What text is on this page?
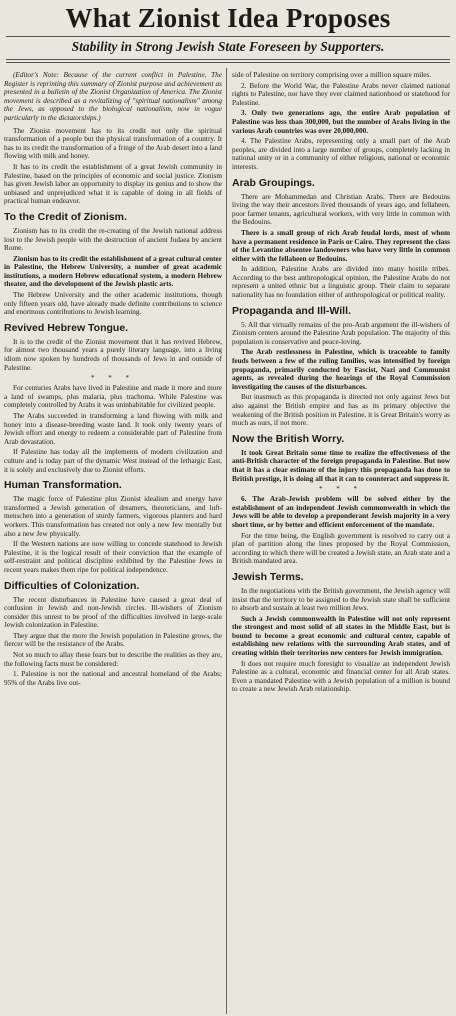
What Zionist Idea Proposes
Stability in Strong Jewish State Foreseen by Supporters.

(Editor's Note: Because of the current conflict in Palestine, The Register is reprinting this summary of Zionist purpose and achievement as presented in a bulletin of the Zionist Organization of America. The Zionist movement is described as a revitalizing of "spiritual nationalism" among the Jews, as opposed to the biological nationalism, now in vogue particularly in the dictatorships.)

The Zionist movement has to its credit not only the spiritual transformation of a people but the physical transformation of a country. It has to its credit the transformation of a fringe of the Arab desert into a land flowing with milk and honey.

It has to its credit the establishment of a great Jewish community in Palestine, based on the principles of economic and social justice. Zionism has given Jewish labor an opportunity to display its genius and to show the unbiased and unprejudiced what it is capable of doing in all fields of practical human endeavor.

To the Credit of Zionism.

Zionism has to its credit the re-creating of the Jewish national address lost to the Jewish people with the destruction of ancient Judaea by ancient Rome.

Zionism has to its credit the establishment of a great cultural center in Palestine, the Hebrew University, a number of great academic institutions, a modern Hebrew educational system, a modern Hebrew theater, and the development of the Jewish plastic arts.

The Hebrew University and the other academic institutions, though only fifteen years old, have already made definite contributions to science and enormous contributions to Jewish learning.

Revived Hebrew Tongue.

It is to the credit of the Zionist movement that it has revived Hebrew, for almost two thousand years a purely literary language, into a living idiom now spoken by hundreds of thousands of Jews in and outside of Palestine.

* * *

For centuries Arabs have lived in Palestine and made it more and more a land of swamps, plus malaria, plus trachoma. While Palestine was completely controlled by Arabs it was uninhabitable for civilized people.

The Arabs succeeded in transforming a land flowing with milk and honey into a disease-breeding waste land. It took only twenty years of Jewish effort and energy to redeem a considerable part of Palestine from Arab devastation.

If Palestine has today all the implements of modern civilization and culture and is today part of the dynamic West instead of the lethargic East, it is solely and exclusively due to Zionist efforts.

Human Transformation.

The magic force of Palestine plus Zionist idealism and energy have transformed a Jewish generation of dreamers, theoreticians, and luft-menschen into a generation of sturdy farmers, vigorous planters and hard workers. This transformation has created not only a new Jew mentally but also a new Jew physically.

If the Western nations are now willing to concede statehood to Jewish Palestine, it is the logical result of their conviction that the example of self-restraint and political discipline exhibited by the Palestine Jews in recent years makes them ripe for political independence.

Difficulties of Colonization.

The recent disturbances in Palestine have caused a great deal of confusion in Jewish and non-Jewish circles. Ill-wishers of Zionism consider this unrest to be proof of the difficulties involved in large-scale Jewish colonization in Palestine.

They argue that the more the Jewish population in Palestine grows, the fiercer will be the resistance of the Arabs.

Not so much to allay these fears but to describe the realities as they are, the following facts must be considered:

1. Palestine is not the national and ancestral homeland of the Arabs; 95% of the Arabs live out-

side of Palestine on territory comprising over a million square miles.

2. Before the World War, the Palestine Arabs never claimed national rights to Palestine, nor have they ever claimed nationhood or statehood for Palestine.

3. Only two generations ago, the entire Arab population of Palestine was less than 300,000, but the number of Arabs living in the various Arab countries was over 20,000,000.

4. The Palestine Arabs, representing only a small part of the Arab peoples, are divided into a large number of groups, completely lacking in national unity or in a community of either religious, national or economic interests.

Arab Groupings.

There are Mohammedan and Christian Arabs. There are Bedouins living the way their ancestors lived thousands of years ago, and fellaheen, poor farmer tenants, agricultural workers, with very little in common with the Bedouins.

There is a small group of rich Arab feudal lords, most of whom have a permanent residence in Paris or Cairo. They represent the class of the Levantine absentee landowners who have very little in common either with the fellaheen or Bedouins.

In addition, Palestine Arabs are divided into many hostile tribes. According to the best anthropological opinion, the Palestine Arabs do not represent a united ethnic but a linguistic group. Their claim to separate nationality has no foundation either of anthropological or political reality.

Propaganda and Ill-Will.

5. All that virtually remains of the pro-Arab argument the ill-wishers of Zionism centers around the Palestine Arab population. The majority of this population is conservative and peace-loving.

The Arab restlessness in Palestine, which is traceable to family feuds between a few of the ruling families, was intensified by foreign propaganda, primarily conducted by Fascist, Nazi and Communist agents, as revealed during the hearings of the Royal Commission investigating the causes of the disturbances.

But inasmuch as this propaganda is directed not only against Jews but also against the British empire and has as its primary objective the weakening of the British position in Palestine, it is Great Britain's worry as much as ours, if not more.

Now the British Worry.

It took Great Britain some time to realize the effectiveness of the anti-British character of the foreign propaganda in Palestine. But now that it has a clear estimate of the injury this propaganda has done to British prestige, it is doing all that it can to counteract and suppress it.

* * *

6. The Arab-Jewish problem will be solved either by the establishment of an independent Jewish commonwealth in which the Jews will be able to develop a preponderant Jewish majority in a very short time, or by better and efficient enforcement of the mandate.

For the time being, the English government is resolved to carry out a plan of partition along the lines proposed by the Royal Commission, according to which there will be created a Jewish state, an Arab state and a British mandated area.

Jewish Terms.

In the negotiations with the British government, the Jewish agency will insist that the territory to be assigned to the Jewish state shall be sufficient to absorb and sustain at least two million Jews.

Such a Jewish commonwealth in Palestine will not only represent the strongest and most solid of all states in the Middle East, but is bound to become a great economic and cultural center, capable of establishing new relations with the surrounding Arab states, and of creating within their territories new centers for Jewish immigration.

It does not require much foresight to visualize an independent Jewish Palestine as a cultural, economic and financial center for all Arab states. Even a mandated Palestine with a Jewish population of a million is bound to create a new Jewish Arab relationship.
